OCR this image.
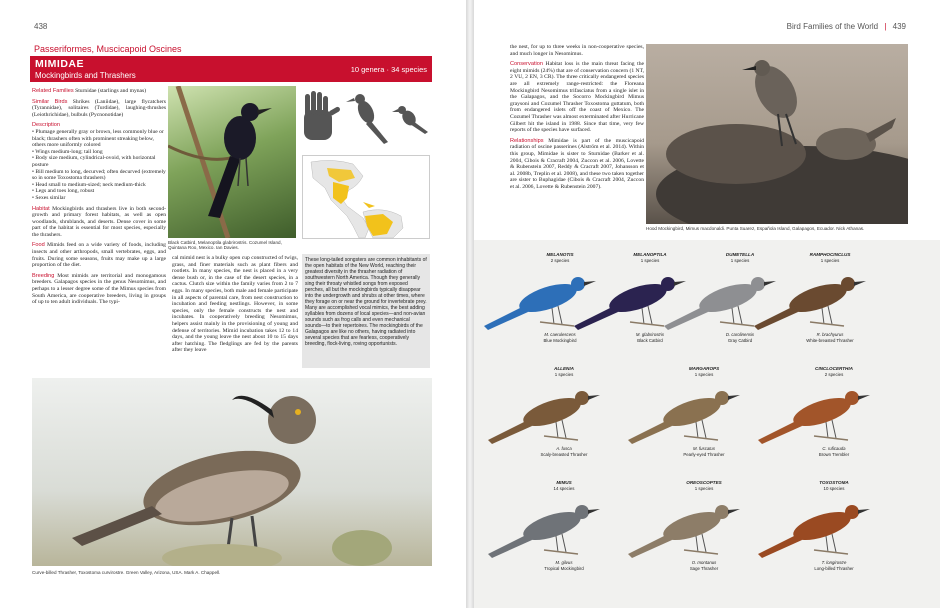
438
Passeriformes, Muscicapoid Oscines
MIMIDAE
Mockingbirds and Thrashers
10 genera · 34 species

Related Families Sturnidae (starlings and mynas)

Similar Birds Shrikes (Laniidae), large flycatchers (Tyrannidae), solitaires (Turdidae), laughing-thrushes (Leiothrichidae), bulbuls (Pycnonotidae)

Description

• Plumage generally gray or brown, less commonly blue or black; thrashers often with prominent streaking below, others more uniformly colored
• Wings medium-long; tail long
• Body size medium, cylindrical-ovoid, with horizontal posture
• Bill medium to long, decurved; often decurved (extremely so in some Toxostoma thrashers)
• Head small to medium-sized; neck medium-thick
• Legs and toes long, robust
• Sexes similar

Habitat Mockingbirds and thrashers live in both second-growth and primary forest habitats, as well as open woodlands, shrublands, and deserts. Dense cover in some part of the habitat is essential for most species, especially the thrashers.

Food Mimids feed on a wide variety of foods, including insects and other arthropods, small vertebrates, eggs, and fruits. During some seasons, fruits may make up a large proportion of the diet.

Breeding Most mimids are territorial and monogamous breeders. Galapagos species in the genus Nesomimus, and perhaps to a lesser degree some of the Mimus species from South America, are cooperative breeders, living in groups of up to ten adult individuals. The typi-

Black Catbird, Melanoptila glabrirostris. Cozumel Island, Quintana Roo, Mexico. Ian Davies.
cal mimid nest is a bulky open cup constructed of twigs, grass, and finer materials such as plant fibers and rootlets. In many species, the nest is placed in a very dense bush or, in the case of the desert species, in a cactus. Clutch size within the family varies from 2 to 7 eggs. In many species, both male and female participate in all aspects of parental care, from nest construction to incubation and feeding nestlings. However, in some species, only the female constructs the nest and incubates. In cooperatively breeding Nesomimus, helpers assist mainly in the provisioning of young and defense of territories. Mimid incubation takes 12 to 14 days, and the young leave the nest about 10 to 15 days after hatching. The fledglings are fed by the parents after they leave
These long-tailed songsters are common inhabitants of the open habitats of the New World, reaching their greatest diversity in the thrasher radiation of southwestern North America. Though they generally sing their throaty whistled songs from exposed perches, all but the mockingbirds typically disappear into the undergrowth and shrubs at other times, where they forage on or near the ground for invertebrate prey. Many are accomplished vocal mimics, the best adding syllables from dozens of local species—and non-avian sounds such as frog calls and even mechanical sounds—to their repertoires. The mockingbirds of the Galapagos are like no others, having radiated into several species that are fearless, cooperatively breeding, flock-living, roving opportunists.
Curve-billed Thrasher, Toxostoma curvirostre. Green Valley, Arizona, USA. Mark A. Chappell.
Bird Families of the World | 439

the nest, for up to three weeks in non-cooperative species, and much longer in Nesomimus.

Conservation Habitat loss is the main threat facing the eight mimids (24%) that are of conservation concern (1 NT, 2 VU, 2 EN, 3 CR). The three critically endangered species are all extremely range-restricted: the Floreana Mockingbird Nesomimus trifasciatus from a single islet in the Galapagos, and the Socorro Mockingbird Mimus graysoni and Cozumel Thrasher Toxostoma guttatum, both from endangered islets off the coast of Mexico. The Cozumel Thrasher was almost exterminated after Hurricane Gilbert hit the island in 1988. Since that time, very few reports of the species have surfaced.

Relationships Mimidae is part of the muscicapoid radiation of oscine passerines (Alström et al. 2014). Within this group, Mimidae is sister to Sturnidae (Barker et al. 2004, Cibois & Cracraft 2004, Zuccon et al. 2006, Lovette & Rubenstein 2007, Reddy & Cracraft 2007, Johansson et al. 2008b, Treplin et al. 2008), and these two taken together are sister to Buphagidae (Cibois & Cracraft 2004, Zuccon et al. 2006, Lovette & Rubenstein 2007).

Hood Mockingbird, Mimus macdonaldi. Punta Suarez, Española Island, Galapagos, Ecuador. Nick Athanas.
MELANOTIS
2 species
M. caerulescens
Blue Mockingbird
MELANOPTILA
1 species
M. glabrirostris
Black Catbird
DUMETELLA
1 species
D. carolinensis
Gray Catbird
RAMPHOCINCLUS
1 species
R. brachyurus
White-breasted Thrasher
ALLENIA
1 species
A. fusca
Scaly-breasted Thrasher
MARGAROPS
1 species
M. fuscatus
Pearly-eyed Thrasher
CINCLOCERTHIA
2 species
C. ruficauda
Brown Trembler
MIMUS
14 species
M. gilvus
Tropical Mockingbird
OREOSCOPTES
1 species
O. montanus
Sage Thrasher
TOXOSTOMA
10 species
T. longirostre
Long-billed Thrasher
